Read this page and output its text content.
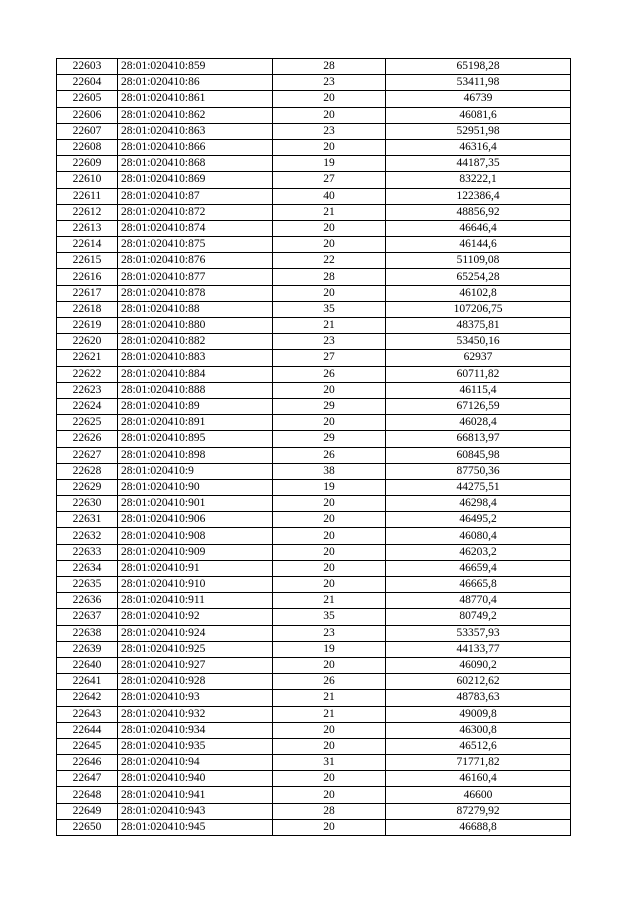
22603	28:01:020410:859	28	65198,28
22604	28:01:020410:86	23	53411,98
22605	28:01:020410:861	20	46739
22606	28:01:020410:862	20	46081,6
22607	28:01:020410:863	23	52951,98
22608	28:01:020410:866	20	46316,4
22609	28:01:020410:868	19	44187,35
22610	28:01:020410:869	27	83222,1
22611	28:01:020410:87	40	122386,4
22612	28:01:020410:872	21	48856,92
22613	28:01:020410:874	20	46646,4
22614	28:01:020410:875	20	46144,6
22615	28:01:020410:876	22	51109,08
22616	28:01:020410:877	28	65254,28
22617	28:01:020410:878	20	46102,8
22618	28:01:020410:88	35	107206,75
22619	28:01:020410:880	21	48375,81
22620	28:01:020410:882	23	53450,16
22621	28:01:020410:883	27	62937
22622	28:01:020410:884	26	60711,82
22623	28:01:020410:888	20	46115,4
22624	28:01:020410:89	29	67126,59
22625	28:01:020410:891	20	46028,4
22626	28:01:020410:895	29	66813,97
22627	28:01:020410:898	26	60845,98
22628	28:01:020410:9	38	87750,36
22629	28:01:020410:90	19	44275,51
22630	28:01:020410:901	20	46298,4
22631	28:01:020410:906	20	46495,2
22632	28:01:020410:908	20	46080,4
22633	28:01:020410:909	20	46203,2
22634	28:01:020410:91	20	46659,4
22635	28:01:020410:910	20	46665,8
22636	28:01:020410:911	21	48770,4
22637	28:01:020410:92	35	80749,2
22638	28:01:020410:924	23	53357,93
22639	28:01:020410:925	19	44133,77
22640	28:01:020410:927	20	46090,2
22641	28:01:020410:928	26	60212,62
22642	28:01:020410:93	21	48783,63
22643	28:01:020410:932	21	49009,8
22644	28:01:020410:934	20	46300,8
22645	28:01:020410:935	20	46512,6
22646	28:01:020410:94	31	71771,82
22647	28:01:020410:940	20	46160,4
22648	28:01:020410:941	20	46600
22649	28:01:020410:943	28	87279,92
22650	28:01:020410:945	20	46688,8
